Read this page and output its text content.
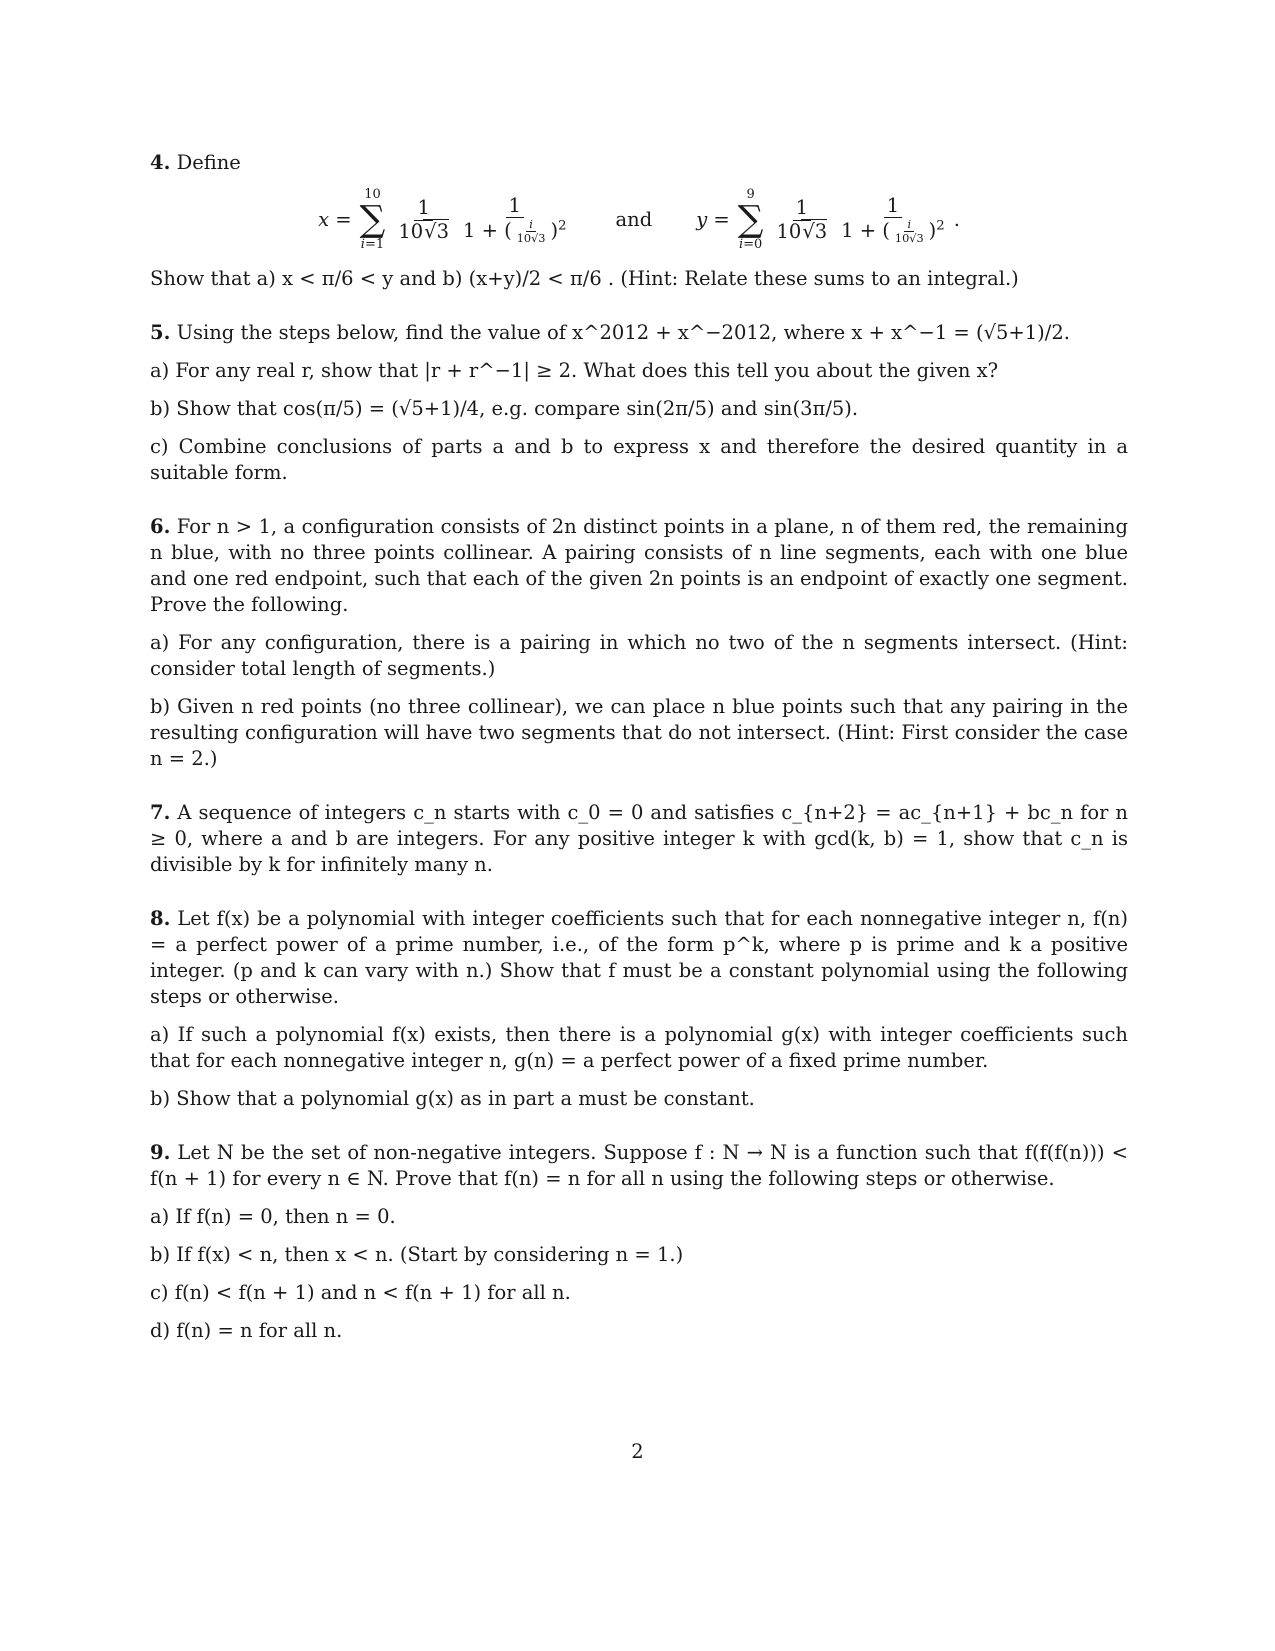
4. Define

x =
10
∑
i=1
$\frac{1}{10√3} \frac{1}{1 + ( \frac{i}{10√3} )^2}$ and y =
9
∑
i=0
$\frac{1}{10√3} \frac{1}{1 + ( \frac{i}{10√3} )^2}$ .

Show that a) x < π/6 < y and b) (x+y)/2 < π/6 . (Hint: Relate these sums to an integral.)

5. Using the steps below, find the value of x^2012 + x^−2012, where x + x^−1 = (√5+1)/2.

a) For any real r, show that |r + r^−1| ≥ 2. What does this tell you about the given x?

b) Show that cos(π/5) = (√5+1)/4, e.g. compare sin(2π/5) and sin(3π/5).

c) Combine conclusions of parts a and b to express x and therefore the desired quantity in a suitable form.

6. For n > 1, a configuration consists of 2n distinct points in a plane, n of them red, the remaining n blue, with no three points collinear. A pairing consists of n line segments, each with one blue and one red endpoint, such that each of the given 2n points is an endpoint of exactly one segment. Prove the following.

a) For any configuration, there is a pairing in which no two of the n segments intersect. (Hint: consider total length of segments.)

b) Given n red points (no three collinear), we can place n blue points such that any pairing in the resulting configuration will have two segments that do not intersect. (Hint: First consider the case n = 2.)

7. A sequence of integers c_n starts with c_0 = 0 and satisfies c_{n+2} = ac_{n+1} + bc_n for n ≥ 0, where a and b are integers. For any positive integer k with gcd(k, b) = 1, show that c_n is divisible by k for infinitely many n.

8. Let f(x) be a polynomial with integer coefficients such that for each nonnegative integer n, f(n) = a perfect power of a prime number, i.e., of the form p^k, where p is prime and k a positive integer. (p and k can vary with n.) Show that f must be a constant polynomial using the following steps or otherwise.

a) If such a polynomial f(x) exists, then there is a polynomial g(x) with integer coefficients such that for each nonnegative integer n, g(n) = a perfect power of a fixed prime number.

b) Show that a polynomial g(x) as in part a must be constant.

9. Let N be the set of non-negative integers. Suppose f : N → N is a function such that f(f(f(n))) < f(n + 1) for every n ∈ N. Prove that f(n) = n for all n using the following steps or otherwise.

a) If f(n) = 0, then n = 0.

b) If f(x) < n, then x < n. (Start by considering n = 1.)

c) f(n) < f(n + 1) and n < f(n + 1) for all n.

d) f(n) = n for all n.

2
